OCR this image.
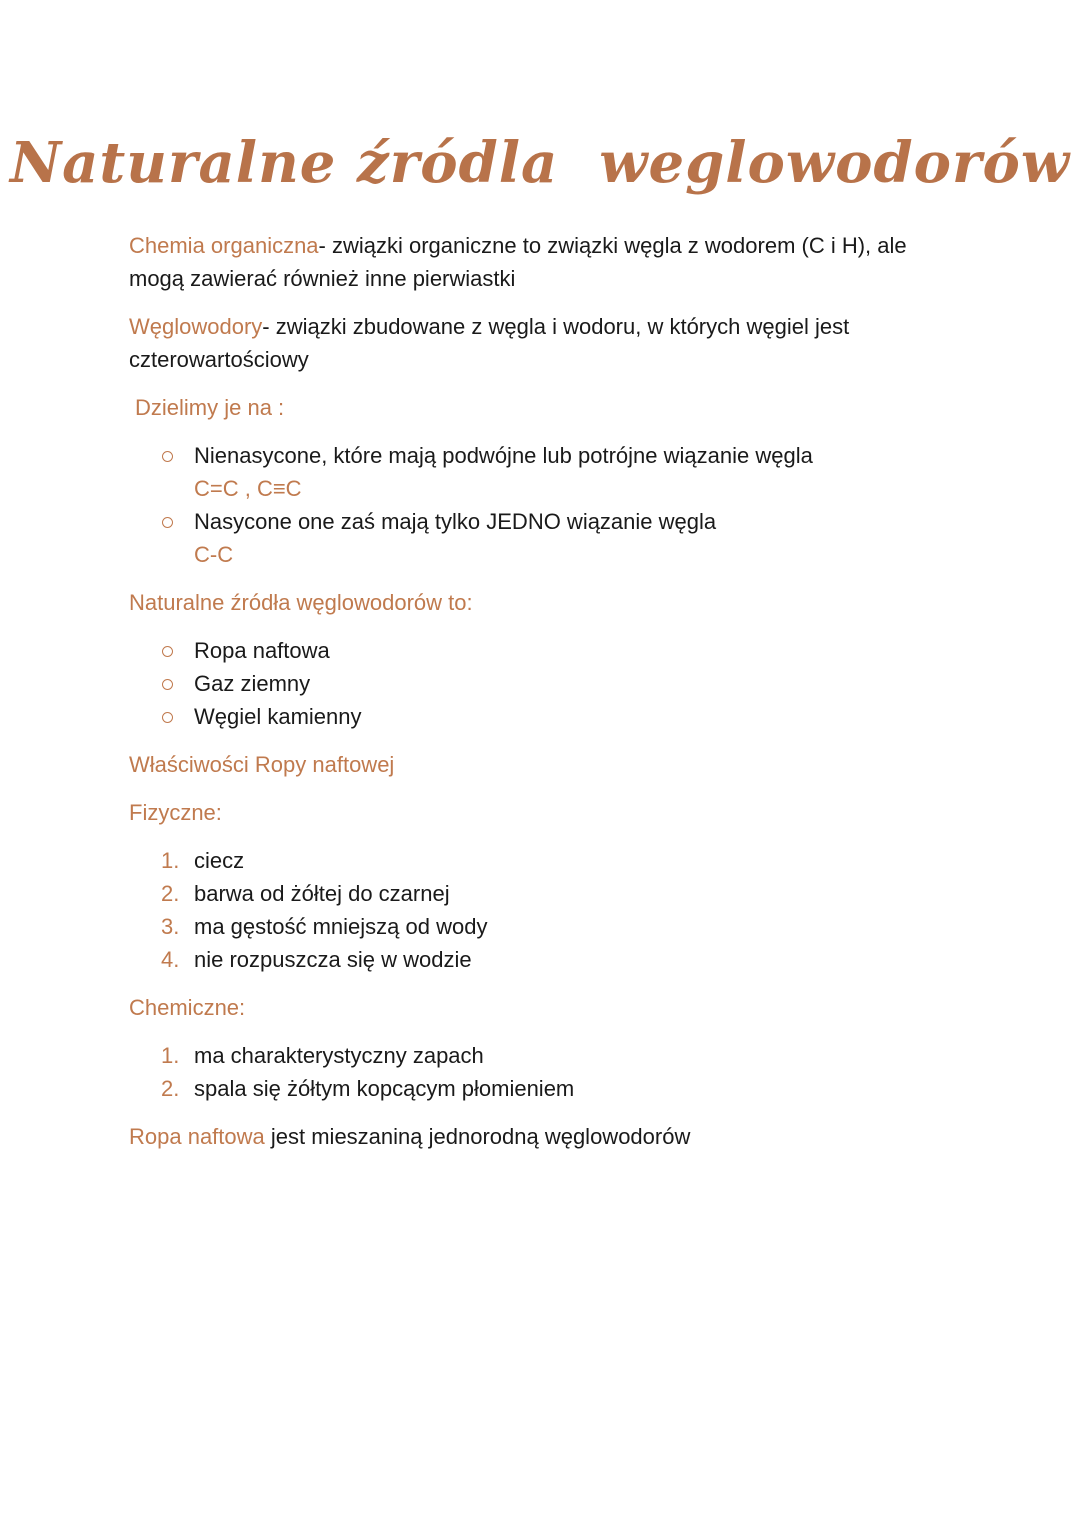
Naturalne źródla  weglowodorów

Chemia organiczna- związki organiczne to związki węgla z wodorem (C i H), ale mogą zawierać również inne pierwiastki

Węglowodory- związki zbudowane z węgla i wodoru, w których węgiel jest
czterowartościowy

Dzielimy je na :

Nienasycone, które mają podwójne lub potrójne wiązanie węgla
C=C , C≡C
Nasycone one zaś mają tylko JEDNO wiązanie węgla
C-C

Naturalne źródła węglowodorów to:

Ropa naftowa
Gaz ziemny
Węgiel kamienny

Właściwości Ropy naftowej

Fizyczne:

1. ciecz
2. barwa od żółtej do czarnej
3. ma gęstość mniejszą od wody
4. nie rozpuszcza się w wodzie

Chemiczne:

1. ma charakterystyczny zapach
2. spala się żółtym kopcącym płomieniem

Ropa naftowa jest mieszaniną jednorodną węglowodorów
